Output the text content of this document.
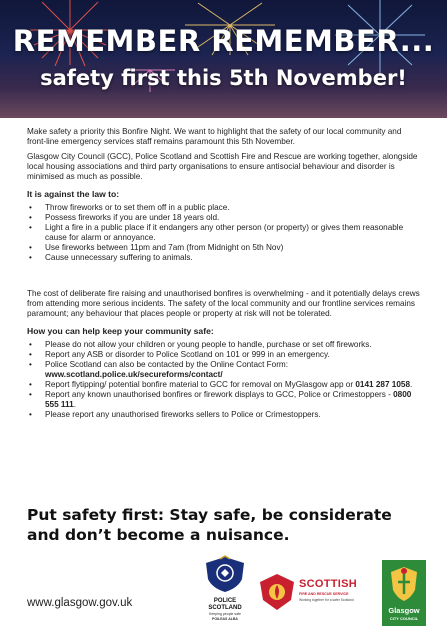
REMEMBER REMEMBER...
safety first this 5th November!

Make safety a priority this Bonfire Night. We want to highlight that the safety of our local community and front-line emergency services staff remains paramount this 5th November.

Glasgow City Council (GCC), Police Scotland and Scottish Fire and Rescue are working together, alongside local housing associations and third party organisations to ensure antisocial behaviour and disorder is minimised as much as possible.

It is against the law to:
• Throw fireworks or to set them off in a public place.
• Possess fireworks if you are under 18 years old.
• Light a fire in a public place if it endangers any other person (or property) or gives them reasonable cause for alarm or annoyance.
• Use fireworks between 11pm and 7am (from Midnight on 5th Nov)
• Cause unnecessary suffering to animals.

The cost of deliberate fire raising and unauthorised bonfires is overwhelming - and it potentially delays crews from attending more serious incidents. The safety of the local community and our frontline services remains paramount; any behaviour that places people or property at risk will not be tolerated.

How you can help keep your community safe:
• Please do not allow your children or young people to handle, purchase or set off fireworks.
• Report any ASB or disorder to Police Scotland on 101 or 999 in an emergency.
• Police Scotland can also be contacted by the Online Contact Form: www.scotland.police.uk/secureforms/contact/
• Report flytipping/ potential bonfire material to GCC for removal on MyGlasgow app or 0141 287 1058.
• Report any known unauthorised bonfires or firework displays to GCC, Police or Crimestoppers - 0800 555 111.
• Please report any unauthorised fireworks sellers to Police or Crimestoppers.
Put safety first: Stay safe, be considerate and don’t become a nuisance.
www.glasgow.gov.uk	POLICE
SCOTLAND
Keeping people safe
POILEAS ALBA
SCOTTISH
FIRE AND RESCUE SERVICE
Working together for a safer Scotland
Glasgow
CITY COUNCIL
